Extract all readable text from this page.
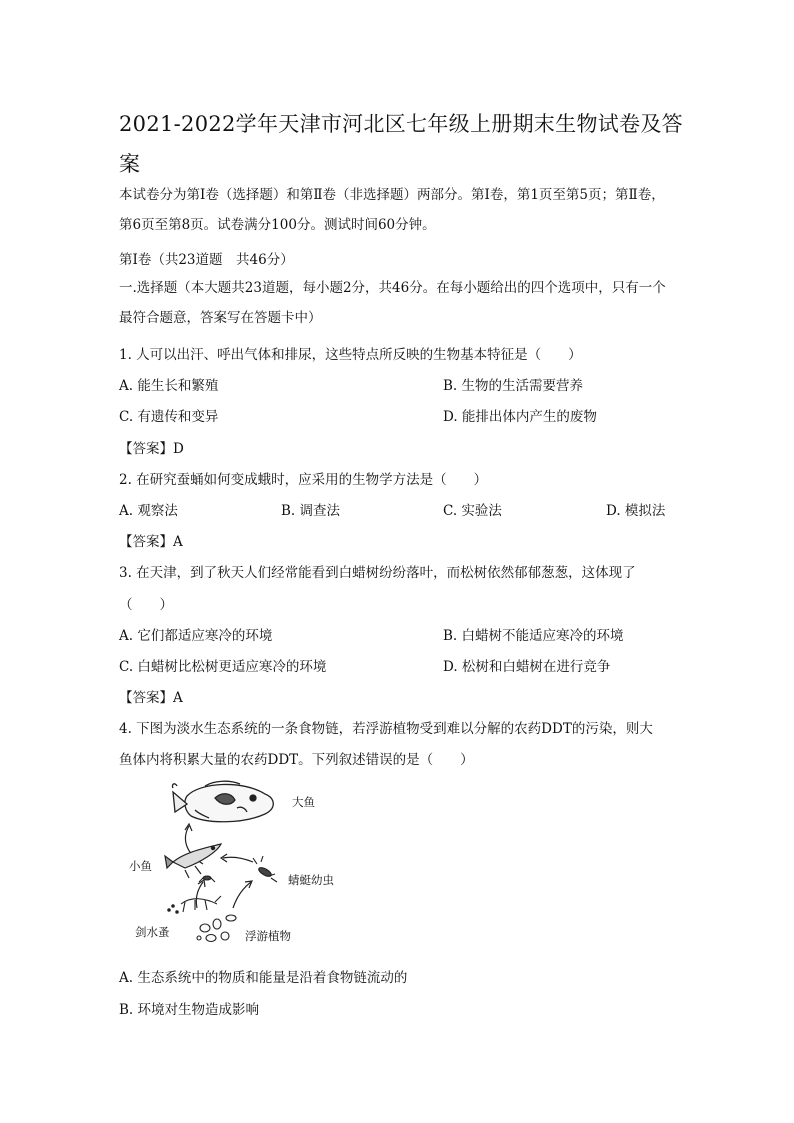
2021-2022学年天津市河北区七年级上册期末生物试卷及答案
本试卷分为第Ⅰ卷（选择题）和第Ⅱ卷（非选择题）两部分。第Ⅰ卷，第1页至第5页；第Ⅱ卷，第6页至第8页。试卷满分100分。测试时间60分钟。
第Ⅰ卷（共23道题　共46分）
一.选择题（本大题共23道题，每小题2分，共46分。在每小题给出的四个选项中，只有一个最符合题意，答案写在答题卡中）
1. 人可以出汗、呼出气体和排尿，这些特点所反映的生物基本特征是（　　）
A. 能生长和繁殖	B. 生物的生活需要营养
C. 有遗传和变异	D. 能排出体内产生的废物
【答案】D
2. 在研究蚕蛹如何变成蛾时，应采用的生物学方法是（　　）
A. 观察法	B. 调查法	C. 实验法	D. 模拟法
【答案】A
3. 在天津，到了秋天人们经常能看到白蜡树纷纷落叶，而松树依然郁郁葱葱，这体现了
（　　）
A. 它们都适应寒冷的环境	B. 白蜡树不能适应寒冷的环境
C. 白蜡树比松树更适应寒冷的环境	D. 松树和白蜡树在进行竞争
【答案】A
4. 下图为淡水生态系统的一条食物链，若浮游植物受到难以分解的农药DDT的污染，则大
鱼体内将积累大量的农药DDT。下列叙述错误的是（　　）
大鱼
小鱼
蜻蜓幼虫
剑水蚤	浮游植物
A. 生态系统中的物质和能量是沿着食物链流动的
B. 环境对生物造成影响
